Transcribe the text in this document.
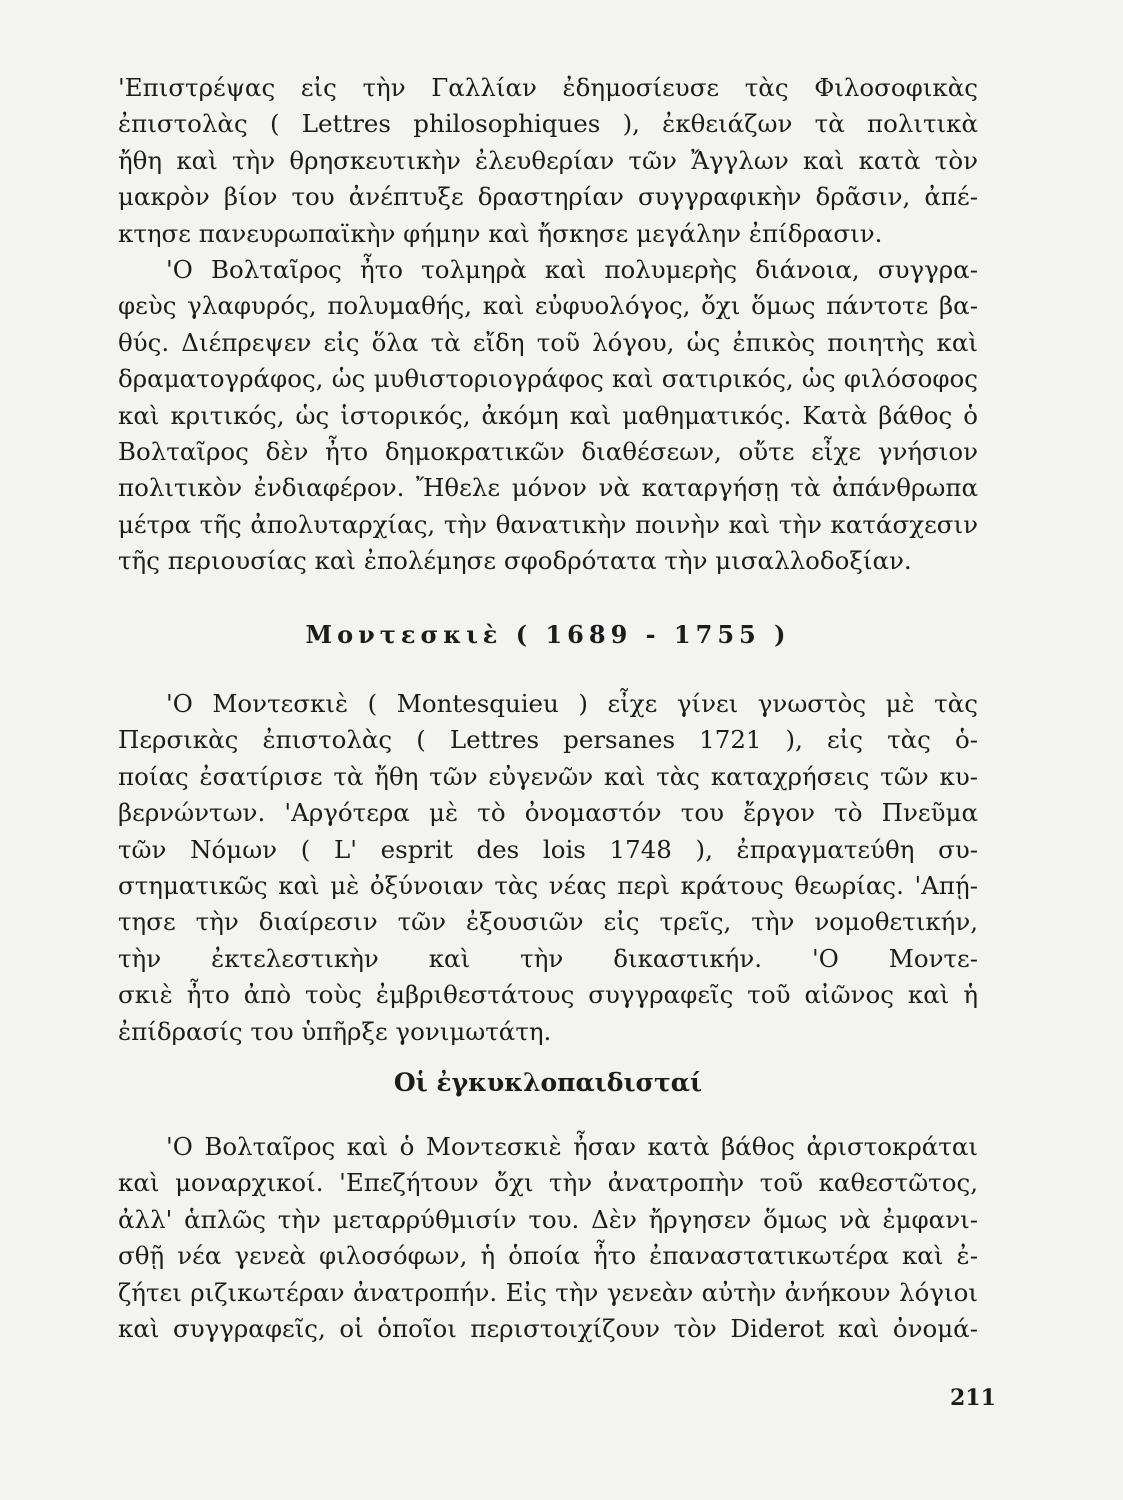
'Επιστρέψας εἰς τὴν Γαλλίαν ἐδημοσίευσε τὰς Φιλοσοφικὰς
ἐπιστολὰς ( Lettres philosophiques ), ἐκθειάζων τὰ πολιτικὰ
ἤθη καὶ τὴν θρησκευτικὴν ἐλευθερίαν τῶν Ἄγγλων καὶ κατὰ τὸν
μακρὸν βίον του ἀνέπτυξε δραστηρίαν συγγραφικὴν δρᾶσιν, ἀπέ-
κτησε πανευρωπαϊκὴν φήμην καὶ ἤσκησε μεγάλην ἐπίδρασιν.
'Ο Βολταῖρος ἦτο τολμηρὰ καὶ πολυμερὴς διάνοια, συγγρα-
φεὺς γλαφυρός, πολυμαθής, καὶ εὐφυολόγος, ὄχι ὅμως πάντοτε βα-
θύς. Διέπρεψεν εἰς ὅλα τὰ εἴδη τοῦ λόγου, ὡς ἐπικὸς ποιητὴς καὶ
δραματογράφος, ὡς μυθιστοριογράφος καὶ σατιρικός, ὡς φιλόσοφος
καὶ κριτικός, ὡς ἱστορικός, ἀκόμη καὶ μαθηματικός. Κατὰ βάθος ὁ
Βολταῖρος δὲν ἦτο δημοκρατικῶν διαθέσεων, οὔτε εἶχε γνήσιον
πολιτικὸν ἐνδιαφέρον. Ἤθελε μόνον νὰ καταργήσῃ τὰ ἀπάνθρωπα
μέτρα τῆς ἀπολυταρχίας, τὴν θανατικὴν ποινὴν καὶ τὴν κατάσχεσιν
τῆς περιουσίας καὶ ἐπολέμησε σφοδρότατα τὴν μισαλλοδοξίαν.
Μοντεσκιὲ ( 1689 - 1755 )
'Ο Μοντεσκιὲ ( Montesquieu ) εἶχε γίνει γνωστὸς μὲ τὰς
Περσικὰς ἐπιστολὰς ( Lettres persanes 1721 ), εἰς τὰς ὁ-
ποίας ἐσατίρισε τὰ ἤθη τῶν εὐγενῶν καὶ τὰς καταχρήσεις τῶν κυ-
βερνώντων. 'Αργότερα μὲ τὸ ὀνομαστόν του ἔργον τὸ Πνεῦμα
τῶν Νόμων ( L' esprit des lois 1748 ), ἐπραγματεύθη συ-
στηματικῶς καὶ μὲ ὀξύνοιαν τὰς νέας περὶ κράτους θεωρίας. 'Απῄ-
τησε τὴν διαίρεσιν τῶν ἐξουσιῶν εἰς τρεῖς, τὴν νομοθετικήν,
τὴν ἐκτελεστικὴν καὶ τὴν δικαστικήν. 'Ο Μοντε-
σκιὲ ἦτο ἀπὸ τοὺς ἐμβριθεστάτους συγγραφεῖς τοῦ αἰῶνος καὶ ἡ
ἐπίδρασίς του ὑπῆρξε γονιμωτάτη.
Οἱ ἐγκυκλοπαιδισταί
'Ο Βολταῖρος καὶ ὁ Μοντεσκιὲ ἦσαν κατὰ βάθος ἀριστοκράται
καὶ μοναρχικοί. 'Επεζήτουν ὄχι τὴν ἀνατροπὴν τοῦ καθεστῶτος,
ἀλλ' ἁπλῶς τὴν μεταρρύθμισίν του. Δὲν ἤργησεν ὅμως νὰ ἐμφανι-
σθῇ νέα γενεὰ φιλοσόφων, ἡ ὁποία ἦτο ἐπαναστατικωτέρα καὶ ἐ-
ζήτει ριζικωτέραν ἀνατροπήν. Εἰς τὴν γενεὰν αὐτὴν ἀνήκουν λόγιοι
καὶ συγγραφεῖς, οἱ ὁποῖοι περιστοιχίζουν τὸν Diderot καὶ ὀνομά-
211
